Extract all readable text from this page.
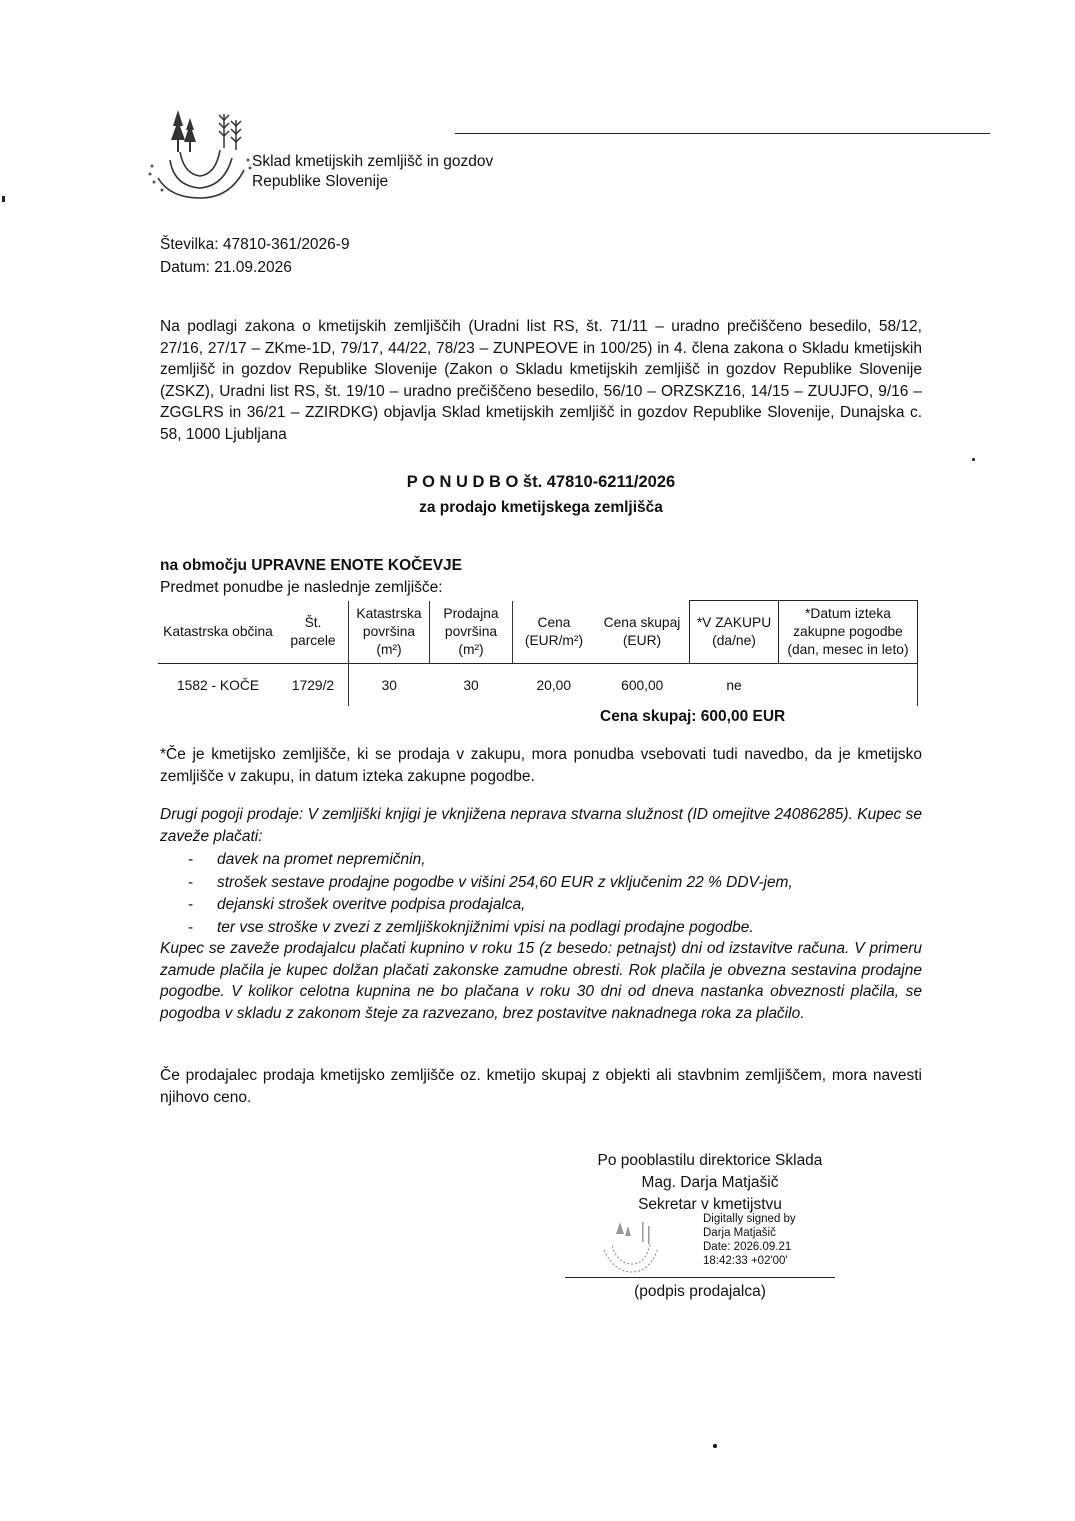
Sklad kmetijskih zemljišč in gozdov
Republike Slovenije
Številka: 47810-361/2026-9
Datum: 21.09.2026
Na podlagi zakona o kmetijskih zemljiščih (Uradni list RS, št. 71/11 – uradno prečiščeno besedilo, 58/12, 27/16, 27/17 – ZKme-1D, 79/17, 44/22, 78/23 – ZUNPEOVE in 100/25) in 4. člena zakona o Skladu kmetijskih zemljišč in gozdov Republike Slovenije (Zakon o Skladu kmetijskih zemljišč in gozdov Republike Slovenije (ZSKZ), Uradni list RS, št. 19/10 – uradno prečiščeno besedilo, 56/10 – ORZSKZ16, 14/15 – ZUUJFO, 9/16 – ZGGLRS in 36/21 – ZZIRDKG) objavlja Sklad kmetijskih zemljišč in gozdov Republike Slovenije, Dunajska c. 58, 1000 Ljubljana
P O N U D B O št. 47810-6211/2026
za prodajo kmetijskega zemljišča
na območju UPRAVNE ENOTE KOČEVJE
Predmet ponudbe je naslednje zemljišče:
Katastrska občina	Št. parcele	Katastrska površina (m²)	Prodajna površina (m²)	Cena (EUR/m²)	Cena skupaj (EUR)	*V ZAKUPU (da/ne)	*Datum izteka zakupne pogodbe (dan, mesec in leto)
1582 - KOČE	1729/2	30	30	20,00	600,00	ne	
Cena skupaj: 600,00 EUR
*Če je kmetijsko zemljišče, ki se prodaja v zakupu, mora ponudba vsebovati tudi navedbo, da je kmetijsko zemljišče v zakupu, in datum izteka zakupne pogodbe.
Drugi pogoji prodaje: V zemljiški knjigi je vknjižena neprava stvarna služnost (ID omejitve 24086285). Kupec se zaveže plačati:
- davek na promet nepremičnin,
- strošek sestave prodajne pogodbe v višini 254,60 EUR z vključenim 22 % DDV-jem,
- dejanski strošek overitve podpisa prodajalca,
- ter vse stroške v zvezi z zemljiškoknjižnimi vpisi na podlagi prodajne pogodbe.
Kupec se zaveže prodajalcu plačati kupnino v roku 15 (z besedo: petnajst) dni od izstavitve računa. V primeru zamude plačila je kupec dolžan plačati zakonske zamudne obresti. Rok plačila je obvezna sestavina prodajne pogodbe. V kolikor celotna kupnina ne bo plačana v roku 30 dni od dneva nastanka obveznosti plačila, se pogodba v skladu z zakonom šteje za razvezano, brez postavitve naknadnega roka za plačilo.
Če prodajalec prodaja kmetijsko zemljišče oz. kmetijo skupaj z objekti ali stavbnim zemljiščem, mora navesti njihovo ceno.
Po pooblastilu direktorice Sklada
Mag. Darja Matjašič
Sekretar v kmetijstvu
Digitally signed by
Darja Matjašič
Date: 2026.09.21
18:42:33 +02'00'
(podpis prodajalca)
